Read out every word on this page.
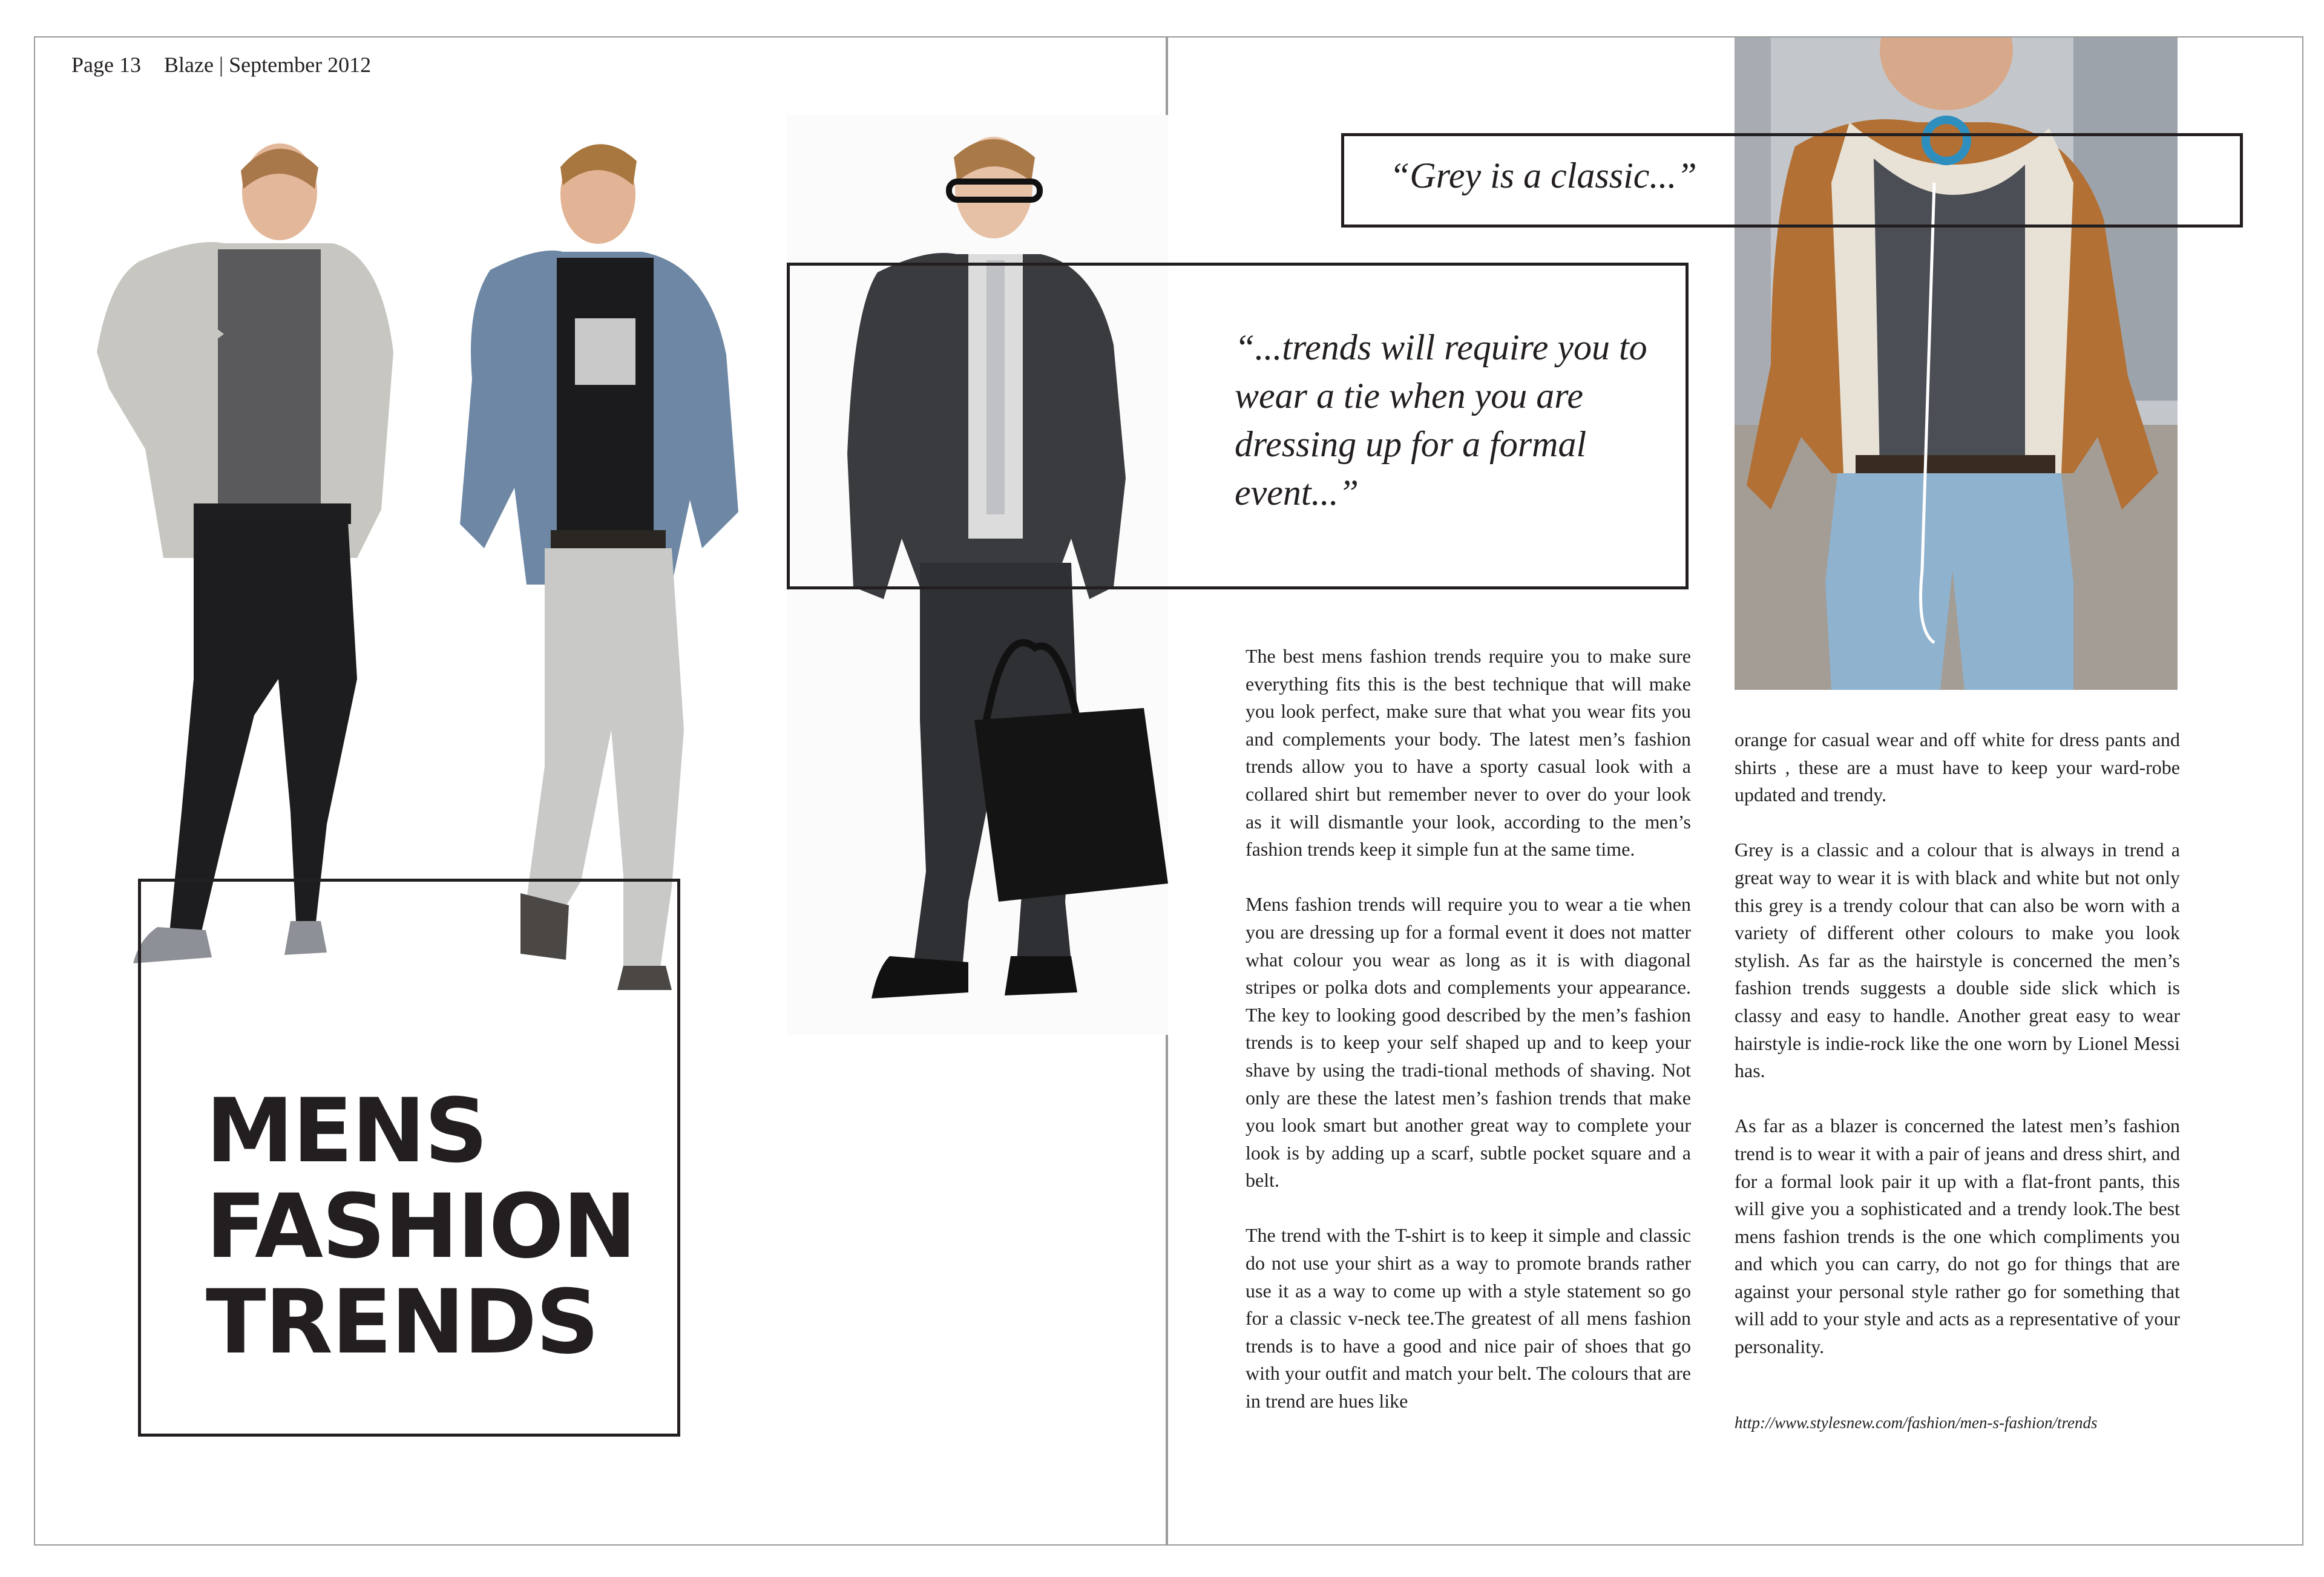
Page 13 Blaze | September 2012
MENS
FASHION
TRENDS
“...trends will require you to wear a tie when you are dressing up for a formal event...”
“Grey is a classic...”

The best mens fashion trends require you to make sure everything fits this is the best technique that will make you look perfect, make sure that what you wear fits you and complements your body. The latest men’s fashion trends allow you to have a sporty casual look with a collared shirt but remember never to over do your look as it will dismantle your look, according to the men’s fashion trends keep it simple fun at the same time.

Mens fashion trends will require you to wear a tie when you are dressing up for a formal event it does not matter what colour you wear as long as it is with diagonal stripes or polka dots and complements your appearance. The key to looking good described by the men’s fashion trends is to keep your self shaped up and to keep your shave by using the tradi-tional methods of shaving. Not only are these the latest men’s fashion trends that make you look smart but another great way to complete your look is by adding up a scarf, subtle pocket square and a belt.

The trend with the T-shirt is to keep it simple and classic do not use your shirt as a way to promote brands rather use it as a way to come up with a style statement so go for a classic v-neck tee.The greatest of all mens fashion trends is to have a good and nice pair of shoes that go with your outfit and match your belt. The colours that are in trend are hues like

orange for casual wear and off white for dress pants and shirts , these are a must have to keep your ward-robe updated and trendy.

Grey is a classic and a colour that is always in trend a great way to wear it is with black and white but not only this grey is a trendy colour that can also be worn with a variety of different other colours to make you look stylish. As far as the hairstyle is concerned the men’s fashion trends suggests a double side slick which is classy and easy to handle. Another great easy to wear hairstyle is indie-rock like the one worn by Lionel Messi has.

As far as a blazer is concerned the latest men’s fashion trend is to wear it with a pair of jeans and dress shirt, and for a formal look pair it up with a flat-front pants, this will give you a sophisticated and a trendy look.The best mens fashion trends is the one which compliments you and which you can carry, do not go for things that are against your personal style rather go for something that will add to your style and acts as a representative of your personality.

http://www.stylesnew.com/fashion/men-s-fashion/trends
